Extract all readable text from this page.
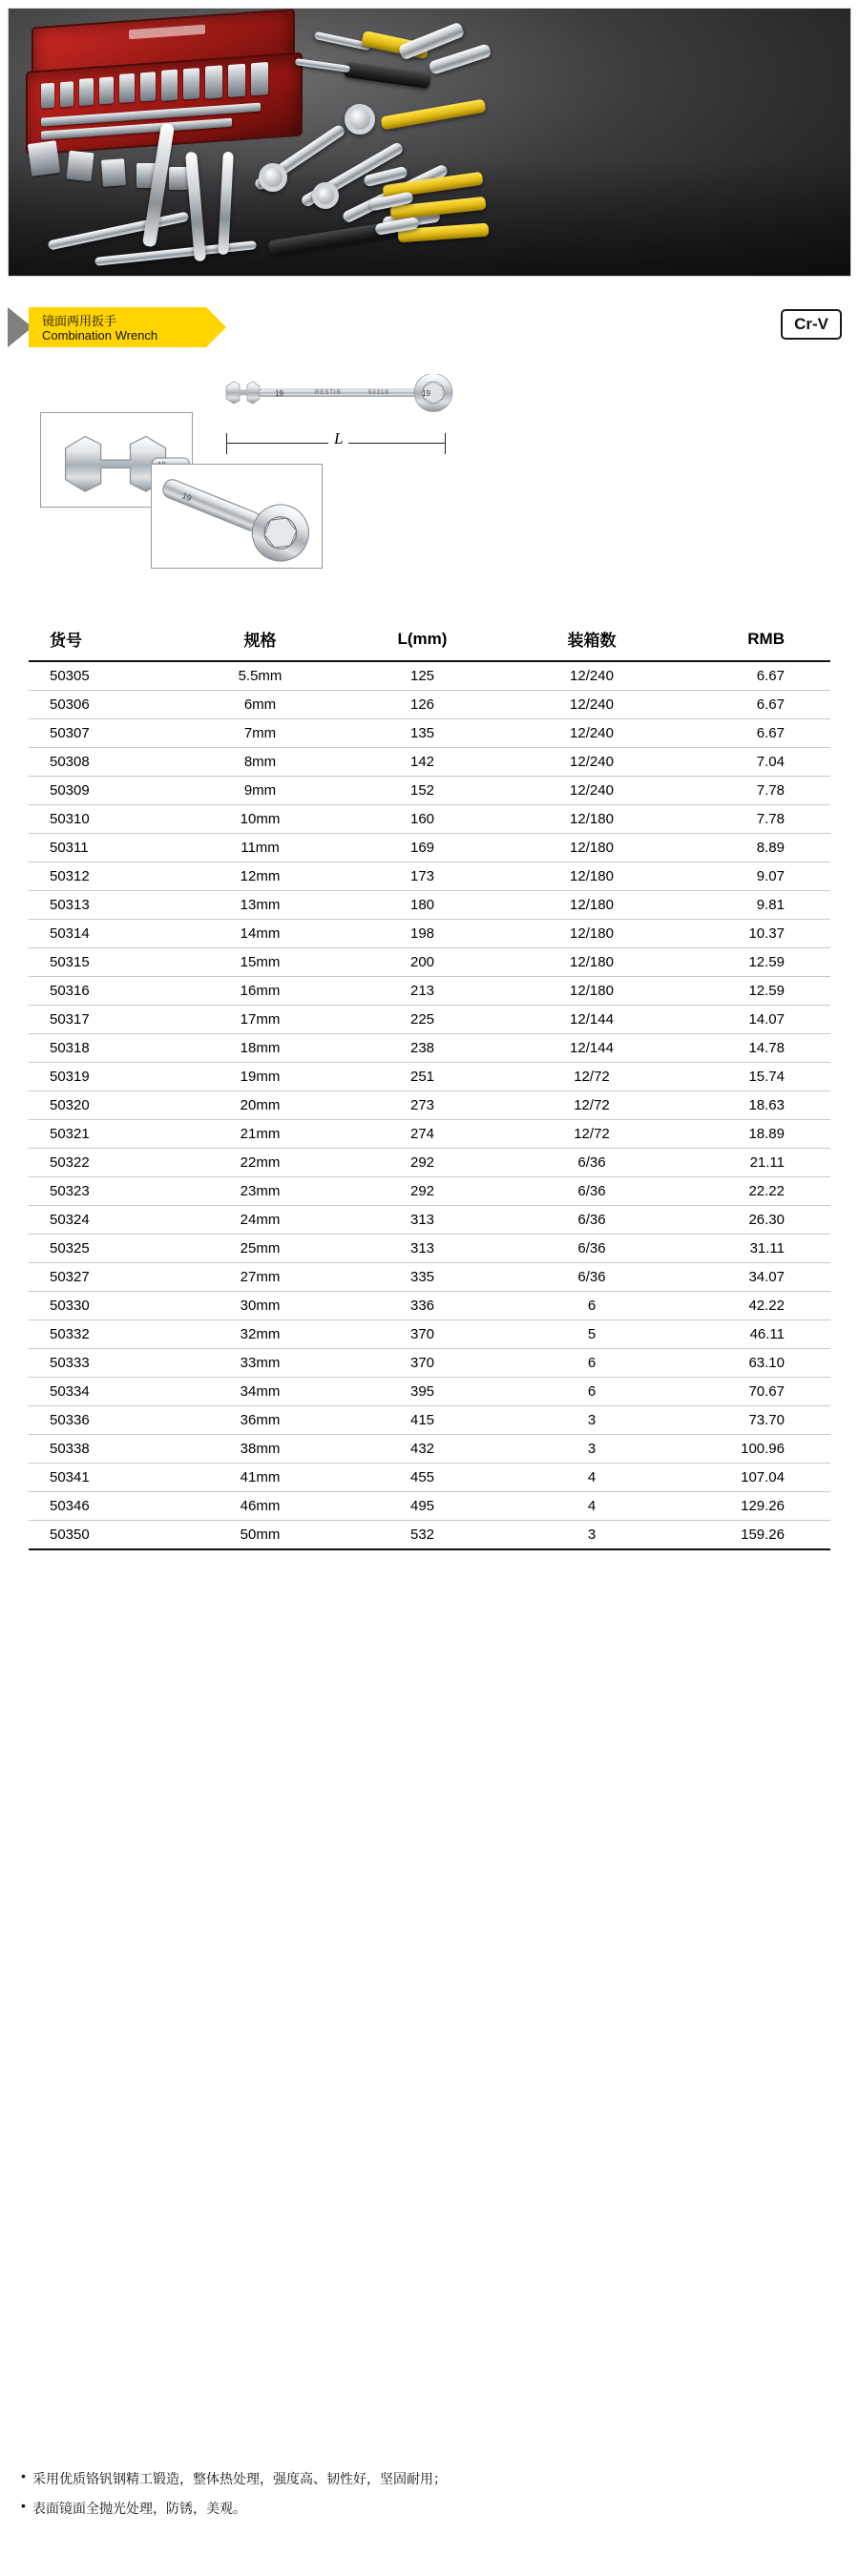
镜面两用扳手
Combination Wrench
Cr-V
19	RESTIR	50319	19
L
19
货号	规格	L(mm)	装箱数	RMB
50305	5.5mm	125	12/240	6.67
50306	6mm	126	12/240	6.67
50307	7mm	135	12/240	6.67
50308	8mm	142	12/240	7.04
50309	9mm	152	12/240	7.78
50310	10mm	160	12/180	7.78
50311	11mm	169	12/180	8.89
50312	12mm	173	12/180	9.07
50313	13mm	180	12/180	9.81
50314	14mm	198	12/180	10.37
50315	15mm	200	12/180	12.59
50316	16mm	213	12/180	12.59
50317	17mm	225	12/144	14.07
50318	18mm	238	12/144	14.78
50319	19mm	251	12/72	15.74
50320	20mm	273	12/72	18.63
50321	21mm	274	12/72	18.89
50322	22mm	292	6/36	21.11
50323	23mm	292	6/36	22.22
50324	24mm	313	6/36	26.30
50325	25mm	313	6/36	31.11
50327	27mm	335	6/36	34.07
50330	30mm	336	6	42.22
50332	32mm	370	5	46.11
50333	33mm	370	6	63.10
50334	34mm	395	6	70.67
50336	36mm	415	3	73.70
50338	38mm	432	3	100.96
50341	41mm	455	4	107.04
50346	46mm	495	4	129.26
50350	50mm	532	3	159.26
• 采用优质铬钒钢精工锻造，整体热处理，强度高、韧性好，坚固耐用；
• 表面镜面全抛光处理，防锈，美观。
